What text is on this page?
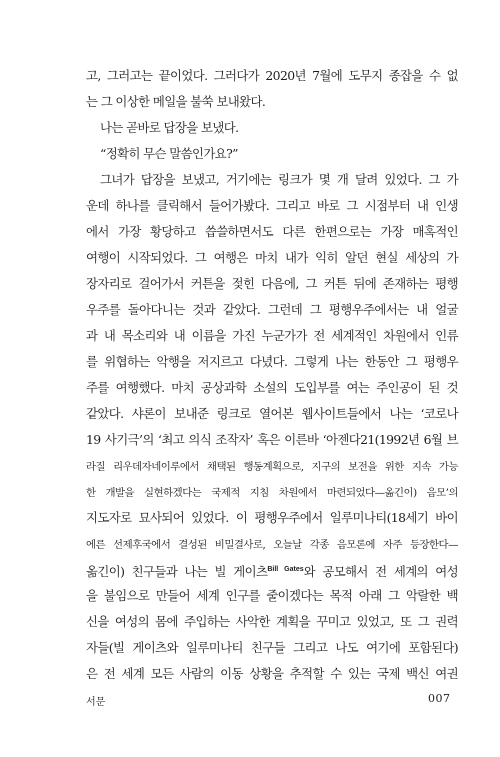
고, 그러고는 끝이었다. 그러다가 2020년 7월에 도무지 종잡을 수 없
는 그 이상한 메일을 불쑥 보내왔다.
나는 곧바로 답장을 보냈다.
“정확히 무슨 말씀인가요?”
그녀가 답장을 보냈고, 거기에는 링크가 몇 개 달려 있었다. 그 가
운데 하나를 클릭해서 들어가봤다. 그리고 바로 그 시점부터 내 인생
에서 가장 황당하고 씁쓸하면서도 다른 한편으로는 가장 매혹적인
여행이 시작되었다. 그 여행은 마치 내가 익히 알던 현실 세상의 가
장자리로 걸어가서 커튼을 젖힌 다음에, 그 커튼 뒤에 존재하는 평행
우주를 돌아다니는 것과 같았다. 그런데 그 평행우주에서는 내 얼굴
과 내 목소리와 내 이름을 가진 누군가가 전 세계적인 차원에서 인류
를 위협하는 악행을 저지르고 다녔다. 그렇게 나는 한동안 그 평행우
주를 여행했다. 마치 공상과학 소설의 도입부를 여는 주인공이 된 것
같았다. 샤론이 보내준 링크로 열어본 웹사이트들에서 나는 ‘코로나
19 사기극’의 ‘최고 의식 조작자’ 혹은 이른바 ‘아젠다21(1992년 6월 브
라질 리우데자네이루에서 채택된 행동계획으로, 지구의 보전을 위한 지속 가능
한 개발을 실현하겠다는 국제적 지침 차원에서 마련되었다—옮긴이) 음모’의
지도자로 묘사되어 있었다. 이 평행우주에서 일루미나티(18세기 바이
에른 선제후국에서 결성된 비밀결사로, 오늘날 각종 음모론에 자주 등장한다—
옮긴이) 친구들과 나는 빌 게이츠$^{Bill Gates}$와 공모해서 전 세계의 여성
을 불임으로 만들어 세계 인구를 줄이겠다는 목적 아래 그 악랄한 백
신을 여성의 몸에 주입하는 사악한 계획을 꾸미고 있었고, 또 그 권력
자들(빌 게이츠와 일루미나티 친구들 그리고 나도 여기에 포함된다)
은 전 세계 모든 사람의 이동 상황을 추적할 수 있는 국제 백신 여권
서문	007
